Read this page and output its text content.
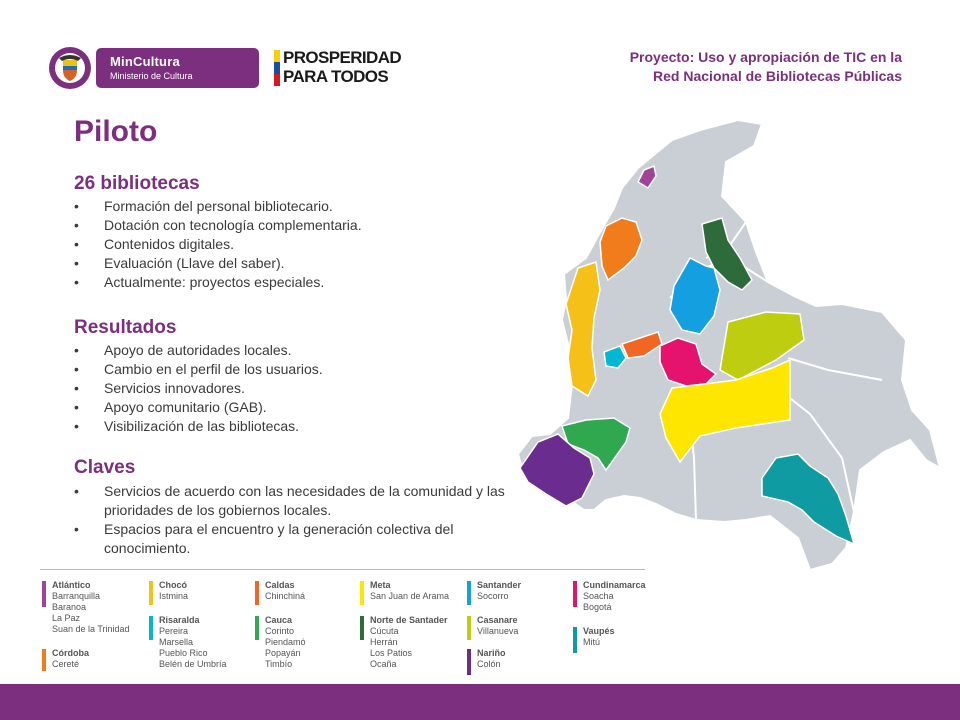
MinCultura
Ministerio de Cultura
PROSPERIDAD
PARA TODOS
Proyecto: Uso y apropiación de TIC en la
Red Nacional de Bibliotecas Públicas
Piloto
26 bibliotecas
• Formación del personal bibliotecario.
• Dotación con tecnología complementaria.
• Contenidos digitales.
• Evaluación (Llave del saber).
• Actualmente: proyectos especiales.
Resultados
• Apoyo de autoridades locales.
• Cambio en el perfil de los usuarios.
• Servicios innovadores.
• Apoyo comunitario (GAB).
• Visibilización de las bibliotecas.
Claves
• Servicios de acuerdo con las necesidades de la comunidad y las prioridades de los gobiernos locales.
• Espacios para el encuentro y la generación colectiva del conocimiento.
Atlántico
Barranquilla
Baranoa
La Paz
Suan de la Trinidad
Córdoba
Cereté
Chocó
Istmina
Risaralda
Pereira
Marsella
Pueblo Rico
Belén de Umbría
Caldas
Chinchiná
Cauca
Corinto
Piendamó
Popayán
Timbío
Meta
San Juan de Arama
Norte de Santader
Cúcuta
Herrán
Los Patios
Ocaña
Santander
Socorro
Casanare
Villanueva
Nariño
Colón
Cundinamarca
Soacha
Bogotá
Vaupés
Mitú
